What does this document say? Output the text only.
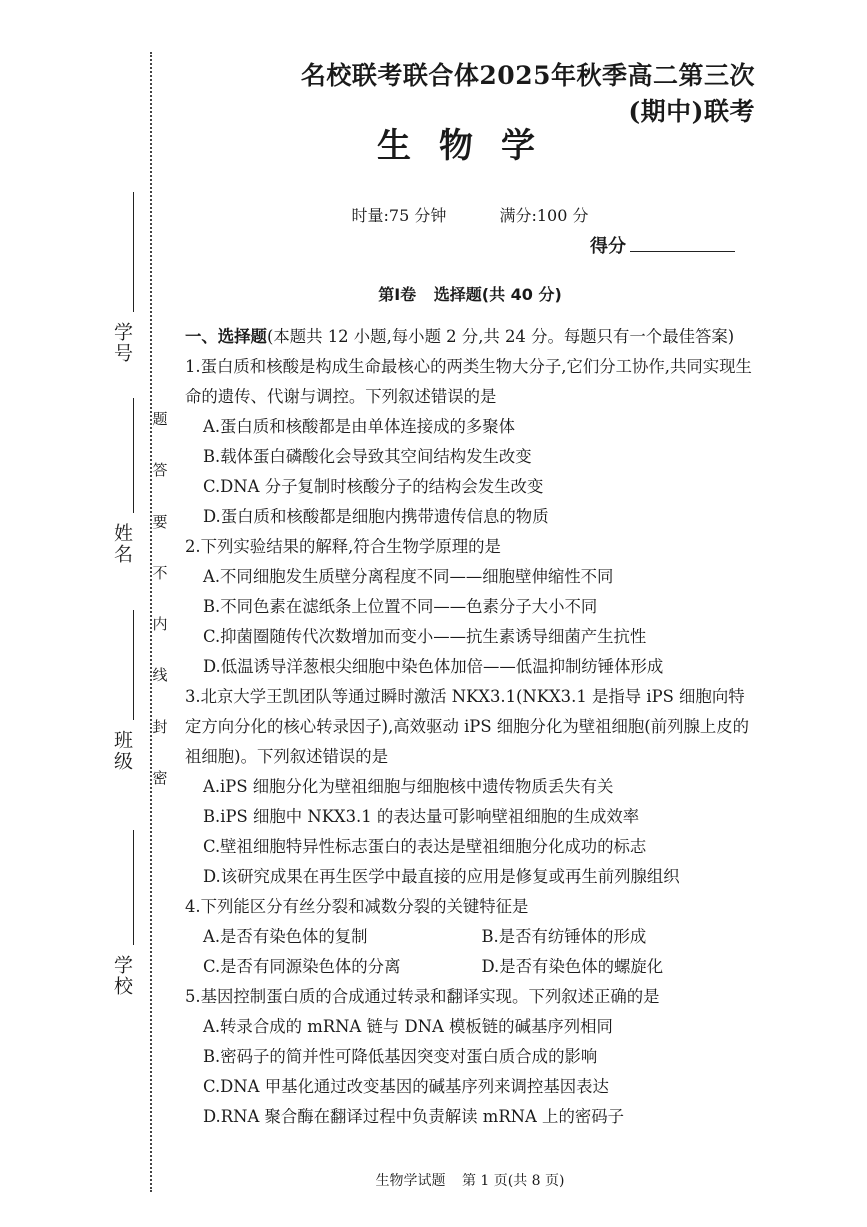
学号
姓名
班级
学校
题
答
要
不
内
线
封
密
名校联考联合体2025年秋季高二第三次(期中)联考
生物学
时量:75 分钟	满分:100 分
得分
第Ⅰ卷 选择题(共 40 分)
一、选择题(本题共 12 小题,每小题 2 分,共 24 分。每题只有一个最佳答案)
1.蛋白质和核酸是构成生命最核心的两类生物大分子,它们分工协作,共同实现生命的遗传、代谢与调控。下列叙述错误的是
A.蛋白质和核酸都是由单体连接成的多聚体
B.载体蛋白磷酸化会导致其空间结构发生改变
C.DNA 分子复制时核酸分子的结构会发生改变
D.蛋白质和核酸都是细胞内携带遗传信息的物质
2.下列实验结果的解释,符合生物学原理的是
A.不同细胞发生质壁分离程度不同——细胞壁伸缩性不同
B.不同色素在滤纸条上位置不同——色素分子大小不同
C.抑菌圈随传代次数增加而变小——抗生素诱导细菌产生抗性
D.低温诱导洋葱根尖细胞中染色体加倍——低温抑制纺锤体形成
3.北京大学王凯团队等通过瞬时激活 NKX3.1(NKX3.1 是指导 iPS 细胞向特定方向分化的核心转录因子),高效驱动 iPS 细胞分化为壁祖细胞(前列腺上皮的祖细胞)。下列叙述错误的是
A.iPS 细胞分化为壁祖细胞与细胞核中遗传物质丢失有关
B.iPS 细胞中 NKX3.1 的表达量可影响壁祖细胞的生成效率
C.壁祖细胞特异性标志蛋白的表达是壁祖细胞分化成功的标志
D.该研究成果在再生医学中最直接的应用是修复或再生前列腺组织
4.下列能区分有丝分裂和减数分裂的关键特征是
A.是否有染色体的复制	B.是否有纺锤体的形成
C.是否有同源染色体的分离	D.是否有染色体的螺旋化
5.基因控制蛋白质的合成通过转录和翻译实现。下列叙述正确的是
A.转录合成的 mRNA 链与 DNA 模板链的碱基序列相同
B.密码子的简并性可降低基因突变对蛋白质合成的影响
C.DNA 甲基化通过改变基因的碱基序列来调控基因表达
D.RNA 聚合酶在翻译过程中负责解读 mRNA 上的密码子
生物学试题 第 1 页(共 8 页)
